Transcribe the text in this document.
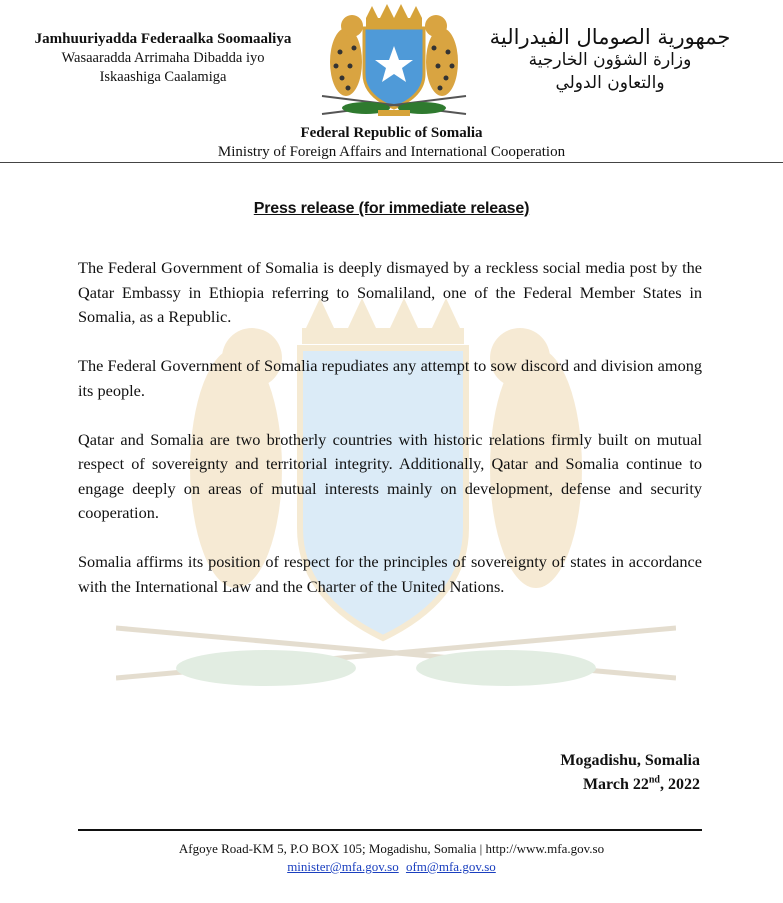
Jamhuuriyadda Federaalka Soomaaliya
Wasaaradda Arrimaha Dibadda iyo
Iskaashiga Caalamiga
جمهورية الصومال الفيدرالية
وزارة الشؤون الخارجية
والتعاون الدولي
Federal Republic of Somalia
Ministry of Foreign Affairs and International Cooperation
Press release (for immediate release)

The Federal Government of Somalia is deeply dismayed by a reckless social media post by the Qatar Embassy in Ethiopia referring to Somaliland, one of the Federal Member States in Somalia, as a Republic.

The Federal Government of Somalia repudiates any attempt to sow discord and division among its people.

Qatar and Somalia are two brotherly countries with historic relations firmly built on mutual respect of sovereignty and territorial integrity. Additionally, Qatar and Somalia continue to engage deeply on areas of mutual interests mainly on development, defense and security cooperation.

Somalia affirms its position of respect for the principles of sovereignty of states in accordance with the International Law and the Charter of the United Nations.

Mogadishu, Somalia
March 22nd, 2022
Afgoye Road-KM 5, P.O BOX 105; Mogadishu, Somalia | http://www.mfa.gov.so
minister@mfa.gov.so ofm@mfa.gov.so
